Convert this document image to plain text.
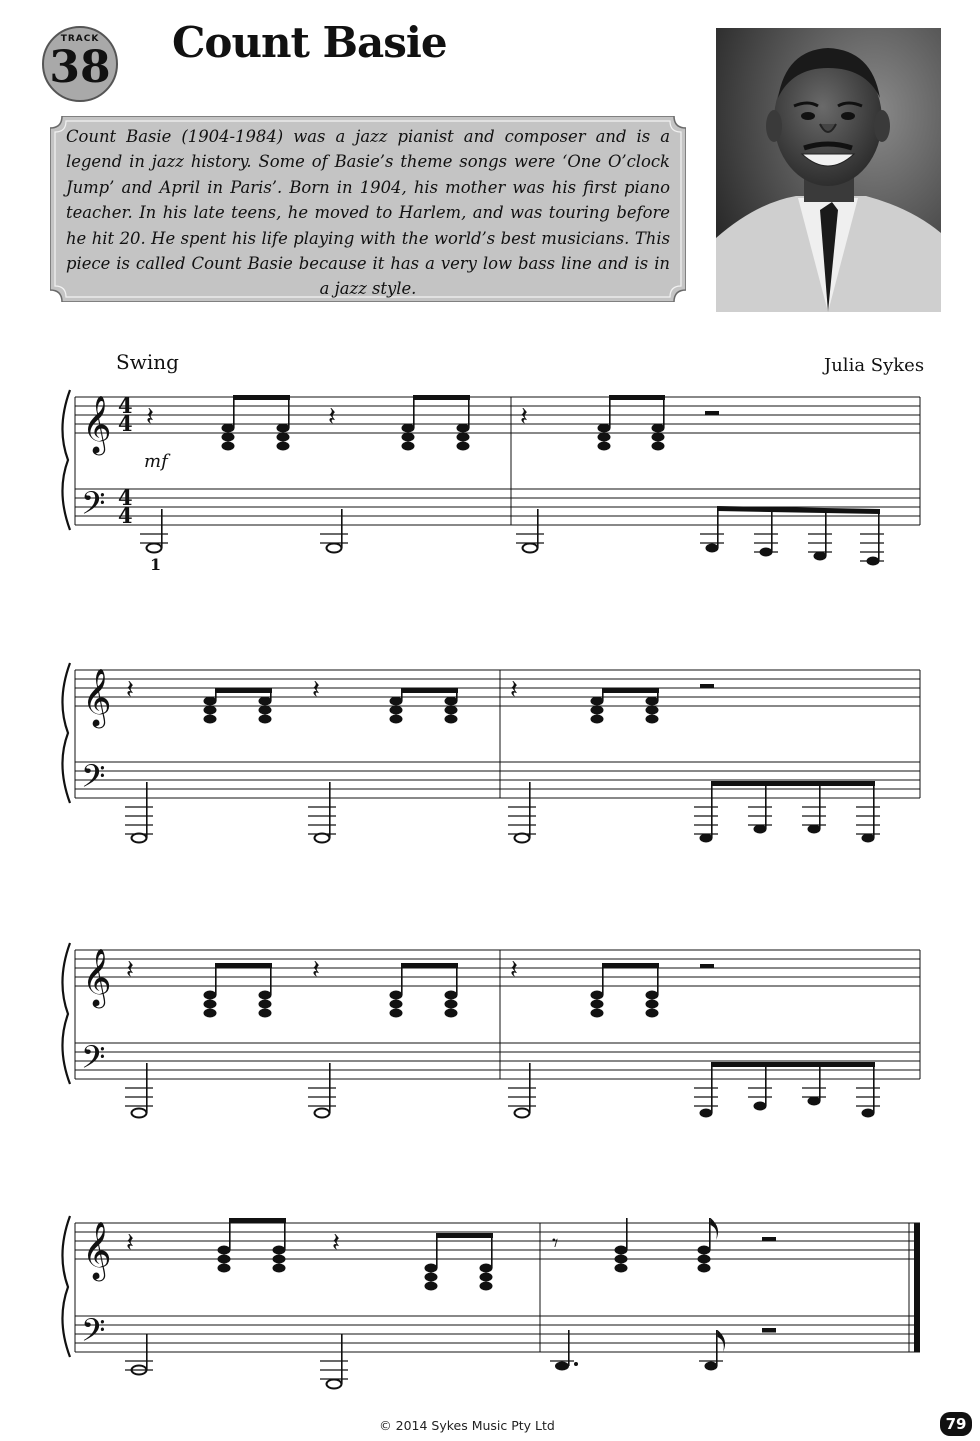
TRACK
38 Count Basie
Count Basie (1904-1984) was a jazz pianist and composer and is a legend in jazz history. Some of Basie’s theme songs were ‘One O’clock Jump’ and April in Paris’. Born in 1904, his mother was his first piano teacher. In his late teens, he moved to Harlem, and was touring before he hit 20. He spent his life playing with the world’s best musicians. This piece is called Count Basie because it has a very low bass line and is in a jazz style.
Swing	Julia Sykes
𝄞
𝄢
4
4
4
4
mf
1
𝄽	𝄽	𝄽
𝄞
𝄢
𝄽	𝄽	𝄽
𝄞
𝄢
𝄽	𝄽	𝄽
𝄞
𝄢
𝄽	𝄽	𝄾
© 2014 Sykes Music Pty Ltd	79
